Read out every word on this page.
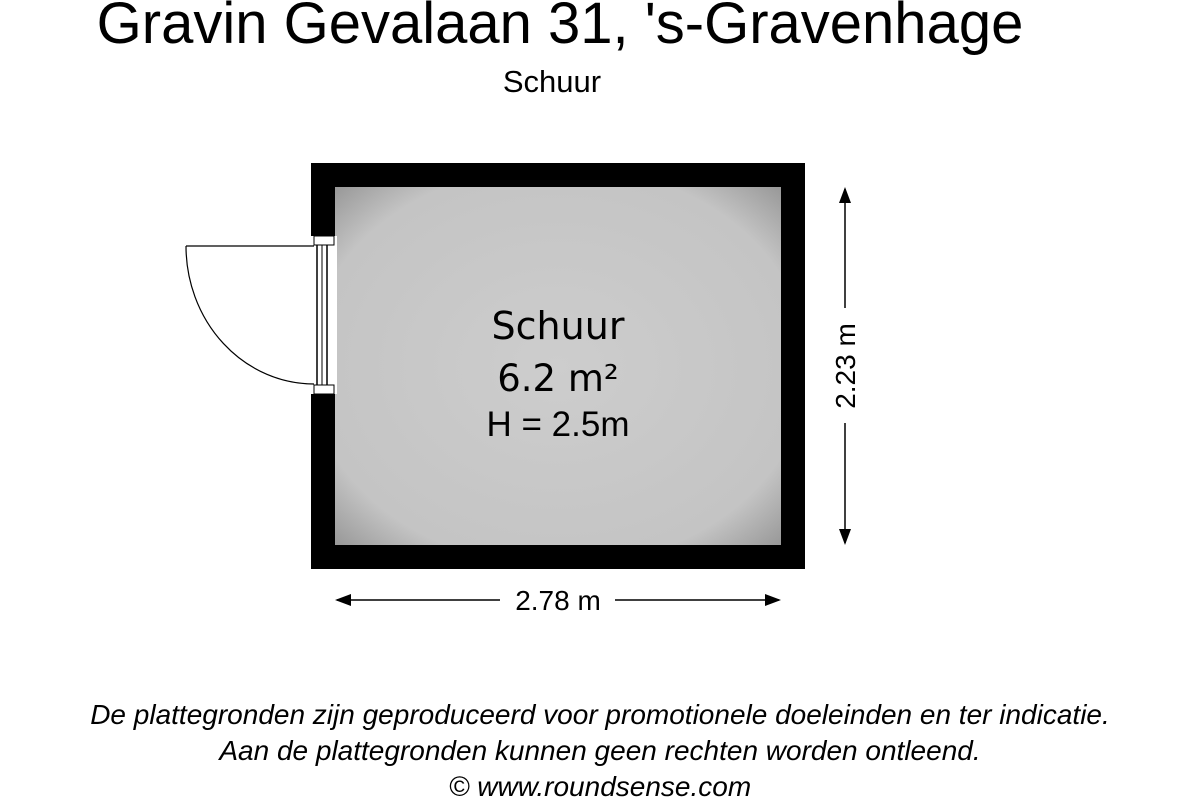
Gravin Gevalaan 31, 's-Gravenhage
Schuur
2.78 m
2.23 m
Schuur
6.2 m²
H = 2.5m
De plattegronden zijn geproduceerd voor promotionele doeleinden en ter indicatie.
Aan de plattegronden kunnen geen rechten worden ontleend.
© www.roundsense.com
